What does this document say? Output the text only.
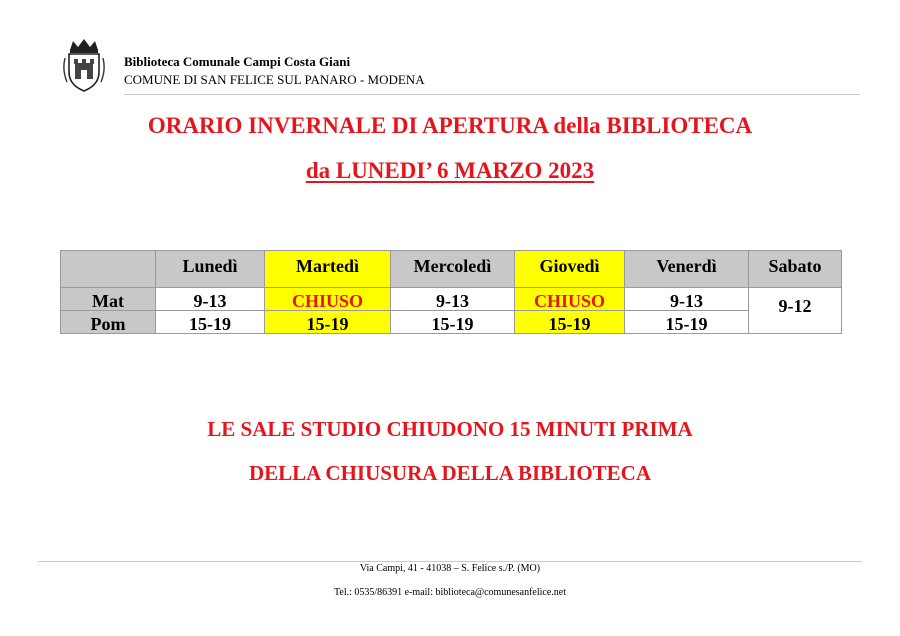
Biblioteca Comunale Campi Costa Giani
COMUNE DI SAN FELICE SUL PANARO - MODENA
ORARIO INVERNALE DI APERTURA della BIBLIOTECA
da LUNEDI’ 6 MARZO 2023
	Lunedì	Martedì	Mercoledì	Giovedì	Venerdì	Sabato
Mat	9-13	CHIUSO	9-13	CHIUSO	9-13	9-12
Pom	15-19	15-19	15-19	15-19	15-19	
LE SALE STUDIO CHIUDONO 15 MINUTI PRIMA
DELLA CHIUSURA DELLA BIBLIOTECA
Via Campi, 41 - 41038 – S. Felice s./P. (MO)
Tel.: 0535/86391 e-mail: biblioteca@comunesanfelice.net
